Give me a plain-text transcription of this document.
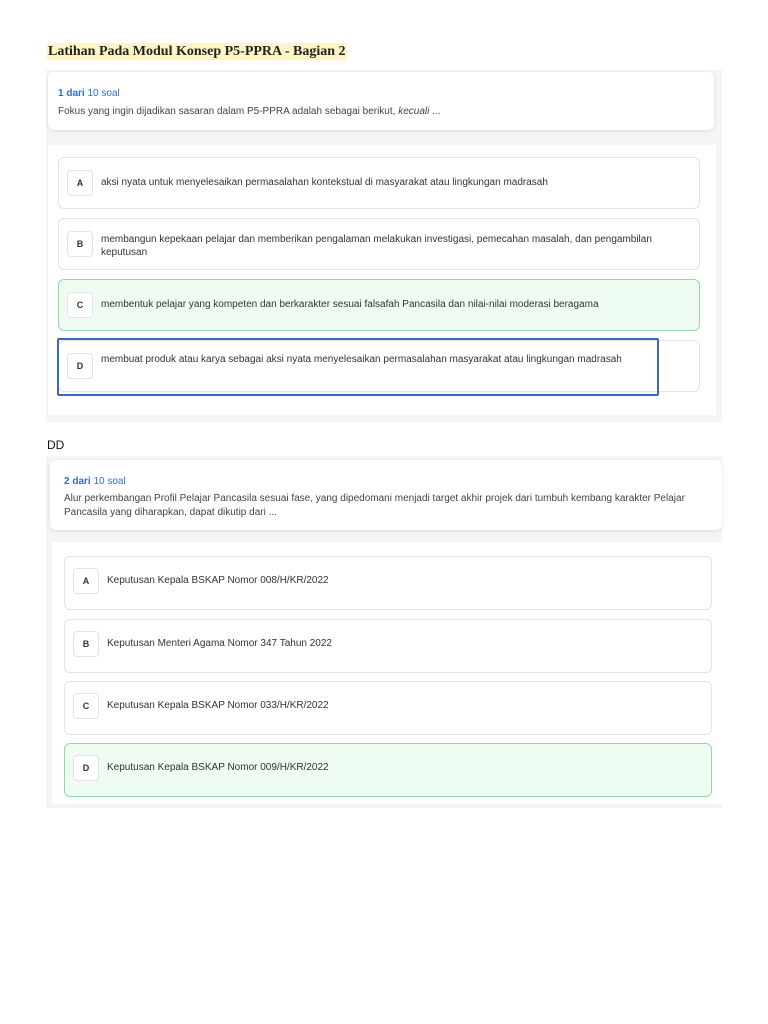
Latihan Pada Modul Konsep P5-PPRA - Bagian 2
1 dari 10 soal
Fokus yang ingin dijadikan sasaran dalam P5-PPRA adalah sebagai berikut, kecuali ...
A	aksi nyata untuk menyelesaikan permasalahan kontekstual di masyarakat atau lingkungan madrasah
B	membangun kepekaan pelajar dan memberikan pengalaman melakukan investigasi, pemecahan masalah, dan pengambilan keputusan
C	membentuk pelajar yang kompeten dan berkarakter sesuai falsafah Pancasila dan nilai-nilai moderasi beragama
D
membuat produk atau karya sebagai aksi nyata menyelesaikan permasalahan masyarakat atau lingkungan madrasah
DD
2 dari 10 soal
Alur perkembangan Profil Pelajar Pancasila sesuai fase, yang dipedomani menjadi target akhir projek dari tumbuh kembang karakter Pelajar Pancasila yang diharapkan, dapat dikutip dari ...
A	Keputusan Kepala BSKAP Nomor 008/H/KR/2022
B	Keputusan Menteri Agama Nomor 347 Tahun 2022
C	Keputusan Kepala BSKAP Nomor 033/H/KR/2022
D	Keputusan Kepala BSKAP Nomor 009/H/KR/2022
